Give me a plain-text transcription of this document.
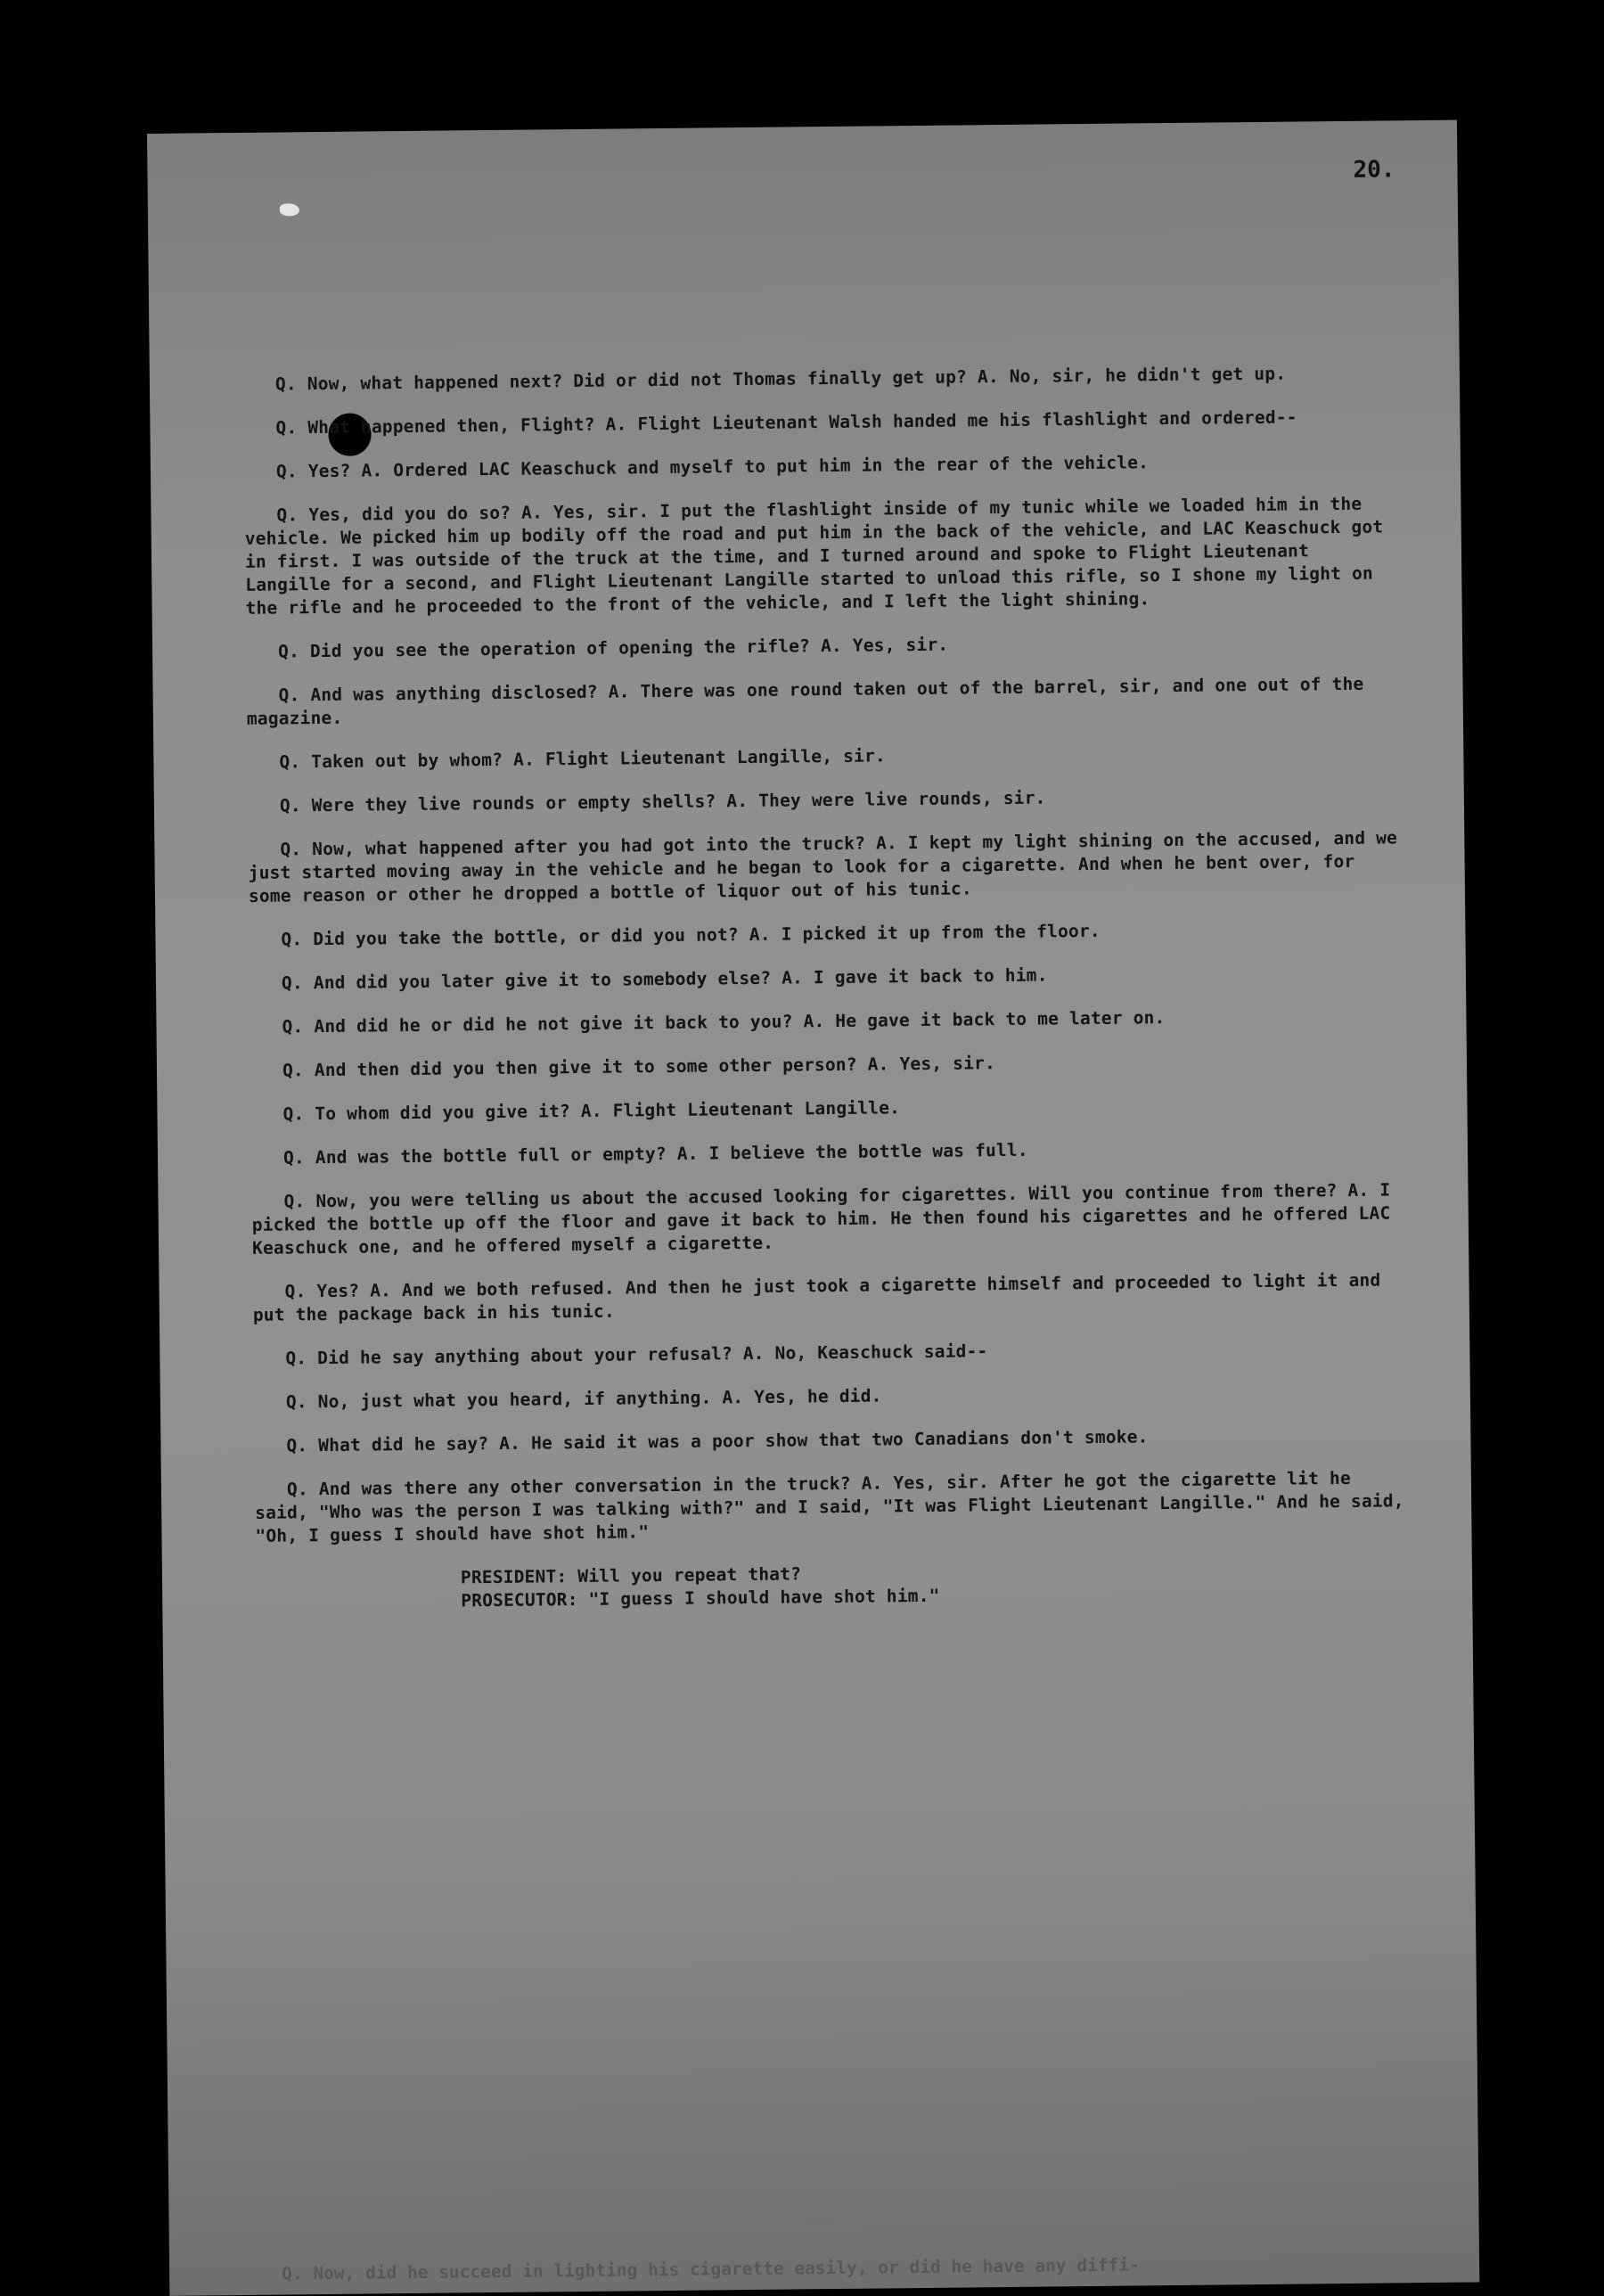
20.

Q. Now, what happened next? Did or did not Thomas finally get up? A. No, sir, he didn't get up.

Q. What happened then, Flight? A. Flight Lieutenant Walsh handed me his flashlight and ordered--

Q. Yes? A. Ordered LAC Keaschuck and myself to put him in the rear of the vehicle.

Q. Yes, did you do so? A. Yes, sir. I put the flashlight inside of my tunic while we loaded him in the vehicle. We picked him up bodily off the road and put him in the back of the vehicle, and LAC Keaschuck got in first. I was outside of the truck at the time, and I turned around and spoke to Flight Lieutenant Langille for a second, and Flight Lieutenant Langille started to unload this rifle, so I shone my light on the rifle and he proceeded to the front of the vehicle, and I left the light shining.

Q. Did you see the operation of opening the rifle? A. Yes, sir.

Q. And was anything disclosed? A. There was one round taken out of the barrel, sir, and one out of the magazine.

Q. Taken out by whom? A. Flight Lieutenant Langille, sir.

Q. Were they live rounds or empty shells? A. They were live rounds, sir.

Q. Now, what happened after you had got into the truck? A. I kept my light shining on the accused, and we just started moving away in the vehicle and he began to look for a cigarette. And when he bent over, for some reason or other he dropped a bottle of liquor out of his tunic.

Q. Did you take the bottle, or did you not? A. I picked it up from the floor.

Q. And did you later give it to somebody else? A. I gave it back to him.

Q. And did he or did he not give it back to you? A. He gave it back to me later on.

Q. And then did you then give it to some other person? A. Yes, sir.

Q. To whom did you give it? A. Flight Lieutenant Langille.

Q. And was the bottle full or empty? A. I believe the bottle was full.

Q. Now, you were telling us about the accused looking for cigarettes. Will you continue from there? A. I picked the bottle up off the floor and gave it back to him. He then found his cigarettes and he offered LAC Keaschuck one, and he offered myself a cigarette.

Q. Yes? A. And we both refused. And then he just took a cigarette himself and proceeded to light it and put the package back in his tunic.

Q. Did he say anything about your refusal? A. No, Keaschuck said--

Q. No, just what you heard, if anything. A. Yes, he did.

Q. What did he say? A. He said it was a poor show that two Canadians don't smoke.

Q. And was there any other conversation in the truck? A. Yes, sir. After he got the cigarette lit he said, "Who was the person I was talking with?" and I said, "It was Flight Lieutenant Langille." And he said, "Oh, I guess I should have shot him."

PRESIDENT: Will you repeat that?

PROSECUTOR: "I guess I should have shot him."

Q. Now, did he succeed in lighting his cigarette easily, or did he have any diffi-
